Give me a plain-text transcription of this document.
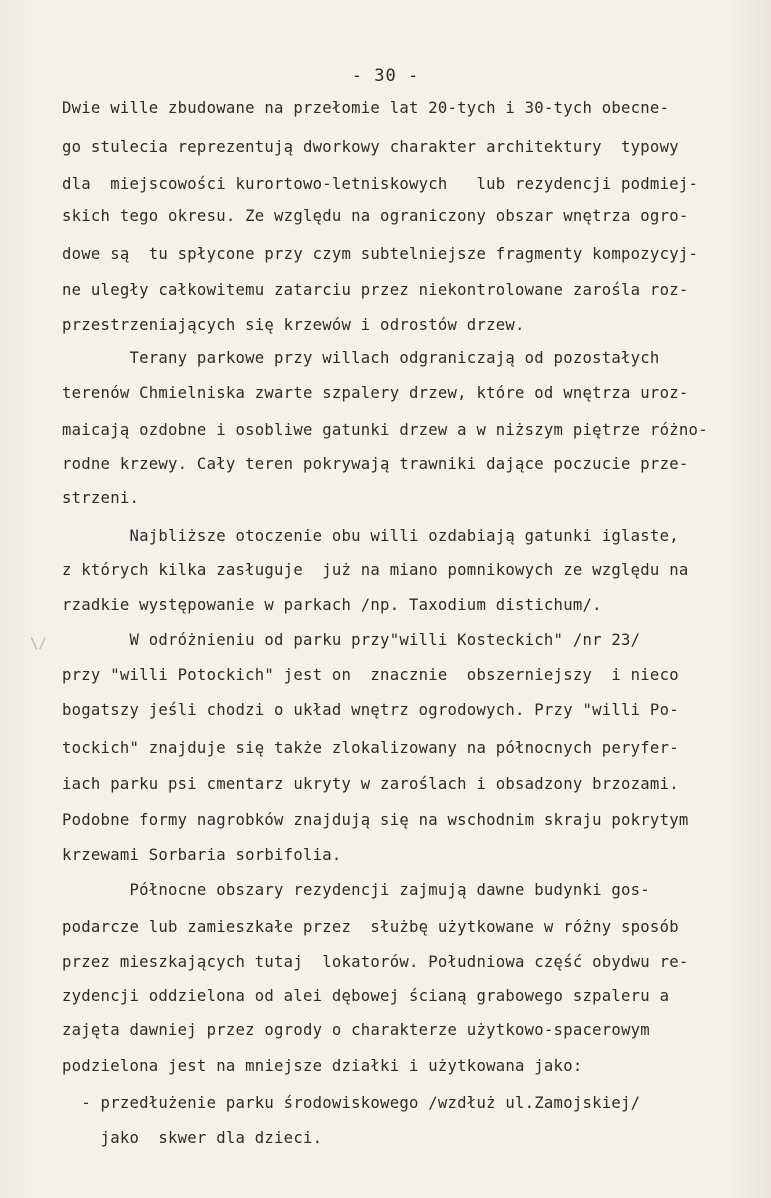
- 30 -
\/
Dwie wille zbudowane na przełomie lat 20-tych i 30-tych obecne-
go stulecia reprezentują dworkowy charakter architektury  typowy
dla  miejscowości kurortowo-letniskowych   lub rezydencji podmiej-
skich tego okresu. Ze względu na ograniczony obszar wnętrza ogro-
dowe są  tu spłycone przy czym subtelniejsze fragmenty kompozycyj-
ne uległy całkowitemu zatarciu przez niekontrolowane zarośla roz-
przestrzeniających się krzewów i odrostów drzew.
Terany parkowe przy willach odgraniczają od pozostałych
terenów Chmielniska zwarte szpalery drzew, które od wnętrza uroz-
maicają ozdobne i osobliwe gatunki drzew a w niższym piętrze różno-
rodne krzewy. Cały teren pokrywają trawniki dające poczucie prze-
strzeni.
Najbliższe otoczenie obu willi ozdabiają gatunki iglaste,
z których kilka zasługuje  już na miano pomnikowych ze względu na
rzadkie występowanie w parkach /np. Taxodium distichum/.
W odróżnieniu od parku przy"willi Kosteckich" /nr 23/
przy "willi Potockich" jest on  znacznie  obszerniejszy  i nieco
bogatszy jeśli chodzi o układ wnętrz ogrodowych. Przy "willi Po-
tockich" znajduje się także zlokalizowany na północnych peryfer-
iach parku psi cmentarz ukryty w zaroślach i obsadzony brzozami.
Podobne formy nagrobków znajdują się na wschodnim skraju pokrytym
krzewami Sorbaria sorbifolia.
Północne obszary rezydencji zajmują dawne budynki gos-
podarcze lub zamieszkałe przez  służbę użytkowane w różny sposób
przez mieszkających tutaj  lokatorów. Południowa część obydwu re-
zydencji oddzielona od alei dębowej ścianą grabowego szpaleru a
zajęta dawniej przez ogrody o charakterze użytkowo-spacerowym
podzielona jest na mniejsze działki i użytkowana jako:
- przedłużenie parku środowiskowego /wzdłuż ul.Zamojskiej/
jako  skwer dla dzieci.
